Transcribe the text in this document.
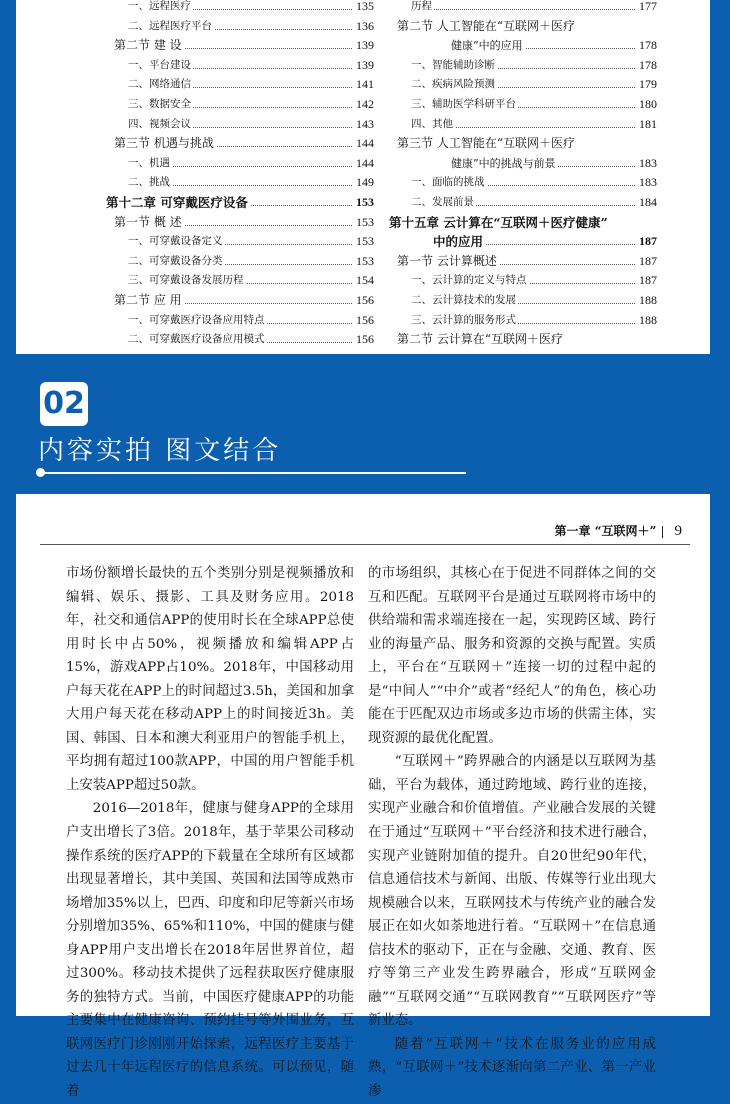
一、远程医疗	135
二、远程医疗平台	136
第二节 建 设	139
一、平台建设	139
二、网络通信	141
三、数据安全	142
四、视频会议	143
第三节 机遇与挑战	144
一、机遇	144
二、挑战	149
第十二章 可穿戴医疗设备	153
第一节 概 述	153
一、可穿戴设备定义	153
二、可穿戴设备分类	153
三、可穿戴设备发展历程	154
第二节 应 用	156
一、可穿戴医疗设备应用特点	156
二、可穿戴医疗设备应用模式	156
历程	177
第二节 人工智能在“互联网＋医疗
健康”中的应用	178
一、智能辅助诊断	178
二、疾病风险预测	179
三、辅助医学科研平台	180
四、其他	181
第三节 人工智能在“互联网＋医疗
健康”中的挑战与前景	183
一、面临的挑战	183
二、发展前景	184
第十五章 云计算在“互联网＋医疗健康”
中的应用	187
第一节 云计算概述	187
一、云计算的定义与特点	187
二、云计算技术的发展	188
三、云计算的服务形式	188
第二节 云计算在“互联网＋医疗
02
内容实拍 图文结合
第一章 “互联网＋” | 9

市场份额增长最快的五个类别分别是视频播放和编辑、娱乐、摄影、工具及财务应用。2018年，社交和通信APP的使用时长在全球APP总使用时长中占50%，视频播放和编辑APP占15%，游戏APP占10%。2018年，中国移动用户每天花在APP上的时间超过3.5h，美国和加拿大用户每天花在移动APP上的时间接近3h。美国、韩国、日本和澳大利亚用户的智能手机上，平均拥有超过100款APP，中国的用户智能手机上安装APP超过50款。

2016—2018年，健康与健身APP的全球用户支出增长了3倍。2018年，基于苹果公司移动操作系统的医疗APP的下载量在全球所有区域都出现显著增长，其中美国、英国和法国等成熟市场增加35%以上，巴西、印度和印尼等新兴市场分别增加35%、65%和110%，中国的健康与健身APP用户支出增长在2018年居世界首位，超过300%。移动技术提供了远程获取医疗健康服务的独特方式。当前，中国医疗健康APP的功能主要集中在健康咨询、预约挂号等外围业务，互联网医疗门诊刚刚开始探索，远程医疗主要基于过去几十年远程医疗的信息系统。可以预见，随着

的市场组织，其核心在于促进不同群体之间的交互和匹配。互联网平台是通过互联网将市场中的供给端和需求端连接在一起，实现跨区域、跨行业的海量产品、服务和资源的交换与配置。实质上，平台在“互联网＋”连接一切的过程中起的是“中间人”“中介”或者“经纪人”的角色，核心功能在于匹配双边市场或多边市场的供需主体，实现资源的最优化配置。

“互联网＋”跨界融合的内涵是以互联网为基础，平台为载体，通过跨地域、跨行业的连接，实现产业融合和价值增值。产业融合发展的关键在于通过“互联网＋”平台经济和技术进行融合，实现产业链附加值的提升。自20世纪90年代，信息通信技术与新闻、出版、传媒等行业出现大规模融合以来，互联网技术与传统产业的融合发展正在如火如荼地进行着。“互联网＋”在信息通信技术的驱动下，正在与金融、交通、教育、医疗等第三产业发生跨界融合，形成“互联网金融”“互联网交通”“互联网教育”“互联网医疗”等新业态。

随着“互联网＋”技术在服务业的应用成熟，“互联网＋”技术逐渐向第二产业、第一产业渗
